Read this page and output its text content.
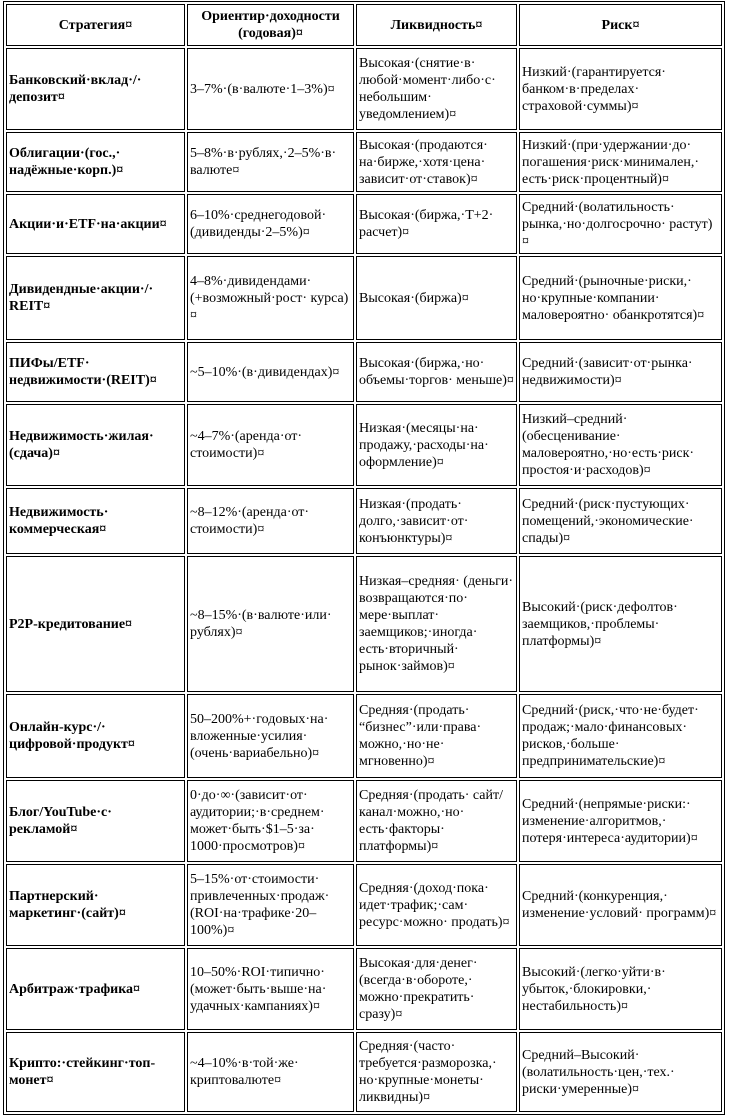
Стратегия¤	Ориентир·доходности (годовая)¤	Ликвидность¤	Риск¤
Банковский·вклад·/· депозит¤	3–7%·(в·валюте·1–3%)¤	Высокая·(снятие·в· любой·момент·либо·с· небольшим· уведомлением)¤	Низкий·(гарантируется· банком·в·пределах· страховой·суммы)¤
Облигации·(гос.,· надёжные·корп.)¤	5–8%·в·рублях,·2–5%·в· валюте¤	Высокая·(продаются· на·бирже,·хотя·цена· зависит·от·ставок)¤	Низкий·(при·удержании·до· погашения·риск·минимален,· есть·риск·процентный)¤
Акции·и·ETF·на·акции¤	6–10%·среднегодовой· (дивиденды·2–5%)¤	Высокая·(биржа,·T+2· расчет)¤	Средний·(волатильность· рынка,·но·долгосрочно· растут)¤
Дивидендные·акции·/· REIT¤	4–8%·дивидендами· (+возможный·рост· курса)¤	Высокая·(биржа)¤	Средний·(рыночные·риски,· но·крупные·компании· маловероятно· обанкротятся)¤
ПИФы/ETF· недвижимости·(REIT)¤	~5–10%·(в·дивидендах)¤	Высокая·(биржа,·но· объемы·торгов· меньше)¤	Средний·(зависит·от·рынка· недвижимости)¤
Недвижимость·жилая· (сдача)¤	~4–7%·(аренда·от· стоимости)¤	Низкая·(месяцы·на· продажу,·расходы·на· оформление)¤	Низкий–средний· (обесценивание· маловероятно,·но·есть·риск· простоя·и·расходов)¤
Недвижимость· коммерческая¤	~8–12%·(аренда·от· стоимости)¤	Низкая·(продать· долго,·зависит·от· конъюнктуры)¤	Средний·(риск·пустующих· помещений,·экономические· спады)¤
P2P-кредитование¤	~8–15%·(в·валюте·или· рублях)¤	Низкая–средняя· (деньги· возвращаются·по· мере·выплат· заемщиков;·иногда· есть·вторичный· рынок·займов)¤	Высокий·(риск·дефолтов· заемщиков,·проблемы· платформы)¤
Онлайн-курс·/· цифровой·продукт¤	50–200%+·годовых·на· вложенные·усилия· (очень·вариабельно)¤	Средняя·(продать· “бизнес”·или·права· можно,·но·не· мгновенно)¤	Средний·(риск,·что·не·будет· продаж;·мало·финансовых· рисков,·больше· предпринимательские)¤
Блог/YouTube·с· рекламой¤	0·до·∞·(зависит·от· аудитории;·в·среднем· может·быть·$1–5·за· 1000·просмотров)¤	Средняя·(продать· сайт/канал·можно,·но· есть·факторы· платформы)¤	Средний·(непрямые·риски:· изменение·алгоритмов,· потеря·интереса·аудитории)¤
Партнерский· маркетинг·(сайт)¤	5–15%·от·стоимости· привлеченных·продаж· (ROI·на·трафике·20– 100%)¤	Средняя·(доход·пока· идет·трафик;·сам· ресурс·можно· продать)¤	Средний·(конкуренция,· изменение·условий· программ)¤
Арбитраж·трафика¤	10–50%·ROI·типично· (может·быть·выше·на· удачных·кампаниях)¤	Высокая·для·денег· (всегда·в·обороте,· можно·прекратить· сразу)¤	Высокий·(легко·уйти·в· убыток,·блокировки,· нестабильность)¤
Крипто:·стейкинг·топ- монет¤	~4–10%·в·той·же· криптовалюте¤	Средняя·(часто· требуется·разморозка,· но·крупные·монеты· ликвидны)¤	Средний–Высокий· (волатильность·цен,·тех.· риски·умеренные)¤
